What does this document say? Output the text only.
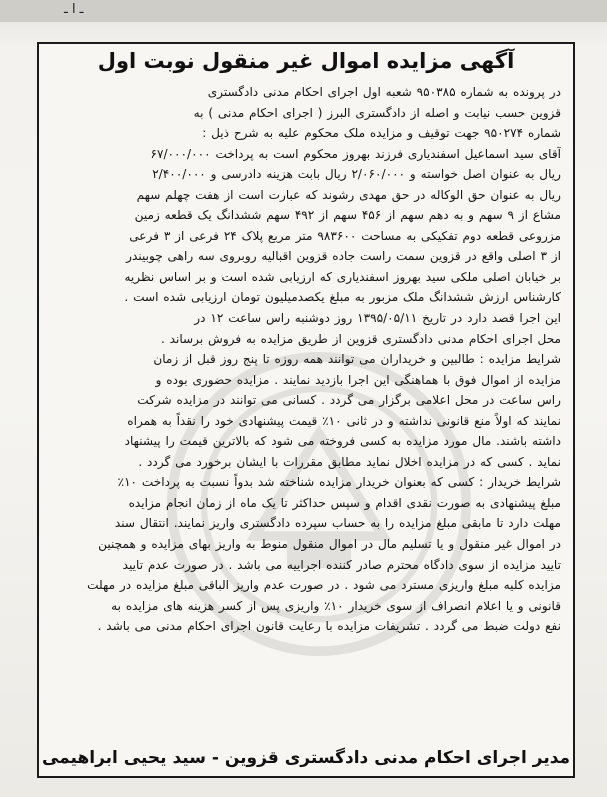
ـ ا ـ
آگهی مزایده اموال غیر منقول نوبت اول

در پرونده به شماره ۹۵۰۳۸۵ شعبه اول اجرای احکام مدنی دادگستری

قزوین حسب نیابت و اصله از دادگستری البرز ( اجرای احکام مدنی ) به

شماره ۹۵۰۲۷۴ جهت توقیف و مزایده ملک محکوم علیه به شرح ذیل :

آقای سید اسماعیل اسفندیاری فرزند بهروز محکوم است به پرداخت ۶۷/۰۰۰/۰۰۰

ریال به عنوان اصل خواسته و ۲/۰۶۰/۰۰۰ ریال بابت هزینه دادرسی و ۲/۴۰۰/۰۰۰

ریال به عنوان حق الوکاله در حق مهدی رشوند که عبارت است از هفت چهلم سهم

مشاع از ۹ سهم و به دهم سهم از ۴۵۶ سهم از ۴۹۲ سهم ششدانگ یک قطعه زمین

مزروعی قطعه دوم تفکیکی به مساحت ۹۸۳۶۰۰ متر مربع پلاک ۲۴ فرعی از ۳ فرعی

از ۳ اصلی واقع در قزوین سمت راست جاده قزوین اقبالیه روبروی سه راهی چوبیندر

بر خیابان اصلی ملکی سید بهروز اسفندیاری که ارزیابی شده است و بر اساس نظریه

کارشناس ارزش ششدانگ ملک مزبور به مبلغ یکصدمیلیون تومان ارزیابی شده است .

این اجرا قصد دارد در تاریخ ۱۳۹۵/۰۵/۱۱ روز دوشنبه راس ساعت ۱۲ در

محل اجرای احکام مدنی دادگستری قزوین از طریق مزایده به فروش برساند .

شرایط مزایده : طالبین و خریداران می توانند همه روزه تا پنج روز قبل از زمان

مزایده از اموال فوق با هماهنگی این اجرا بازدید نمایند . مزایده حضوری بوده و

راس ساعت در محل اعلامی برگزار می گردد . کسانی می توانند در مزایده شرکت

نمایند که اولاً منع قانونی نداشته و در ثانی ۱۰٪ قیمت پیشنهادی خود را نقداً به همراه

داشته باشند. مال مورد مزایده به کسی فروخته می شود که بالاترین قیمت را پیشنهاد

نماید . کسی که در مزایده اخلال نماید مطابق مقررات با ایشان برخورد می گردد .

شرایط خریدار : کسی که بعنوان خریدار مزایده شناخته شد بدواً نسبت به پرداخت ۱۰٪

مبلغ پیشنهادی به صورت نقدی اقدام و سپس حداکثر تا یک ماه از زمان انجام مزایده

مهلت دارد تا مابقی مبلغ مزایده را به حساب سپرده دادگستری واریز نمایند. انتقال سند

در اموال غیر منقول و یا تسلیم مال در اموال منقول منوط به واریز بهای مزایده و همچنین

تایید مزایده از سوی دادگاه محترم صادر کننده اجراییه می باشد . در صورت عدم تایید

مزایده کلیه مبلغ واریزی مسترد می شود . در صورت عدم واریز الباقی مبلغ مزایده در مهلت

قانونی و یا اعلام انصراف از سوی خریدار ۱۰٪ واریزی پس از کسر هزینه های مزایده به

نفع دولت ضبط می گردد . تشریفات مزایده با رعایت قانون اجرای احکام مدنی می باشد .

مدیر اجرای احکام مدنی دادگستری قزوین - سید یحیی ابراهیمی
